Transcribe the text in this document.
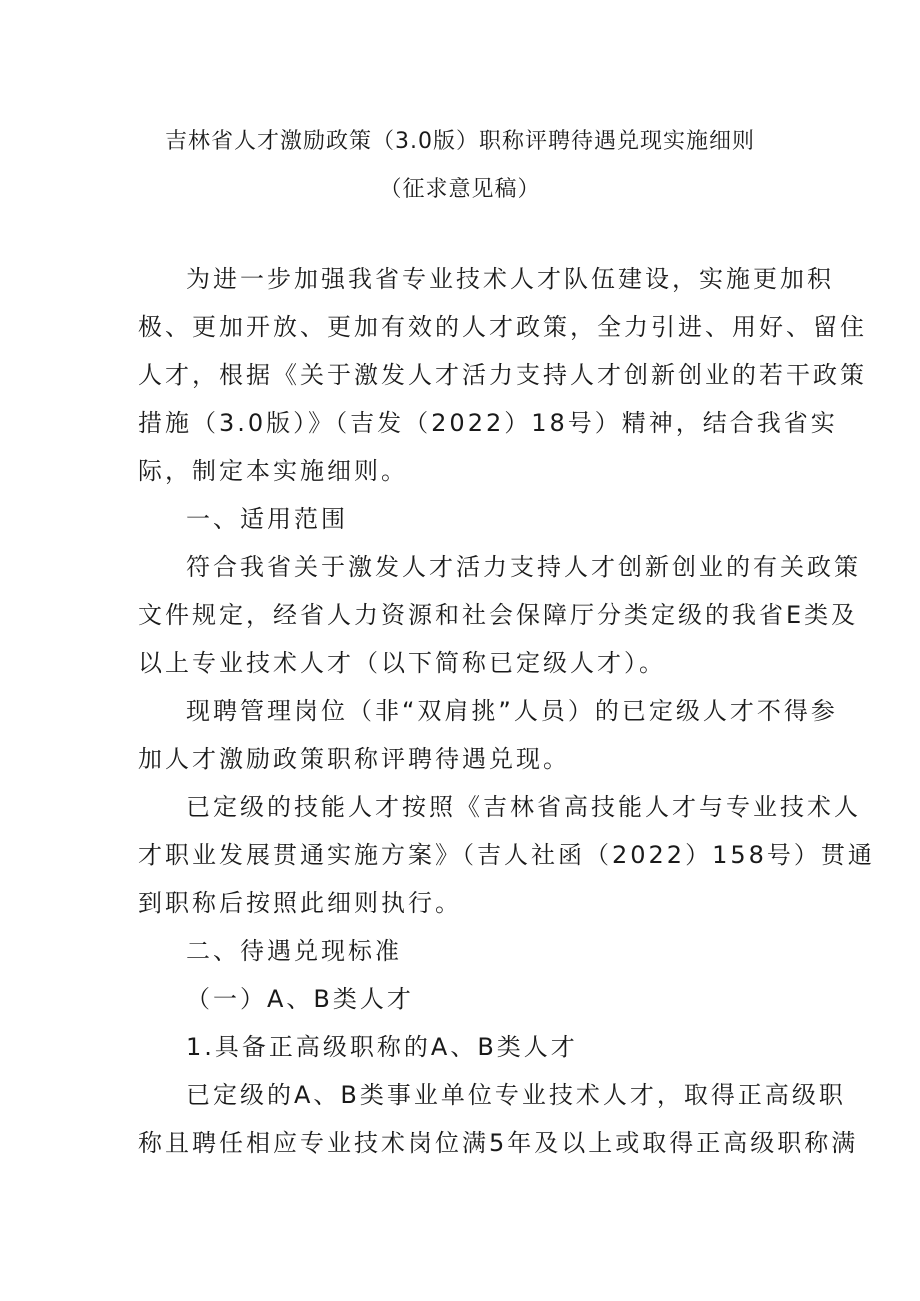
吉林省人才激励政策（3.0版）职称评聘待遇兑现实施细则
（征求意见稿）
为进一步加强我省专业技术人才队伍建设，实施更加积
极、更加开放、更加有效的人才政策，全力引进、用好、留住
人才，根据《关于激发人才活力支持人才创新创业的若干政策
措施（3.0版）》（吉发（2022）18号）精神，结合我省实
际，制定本实施细则。
一、适用范围
符合我省关于激发人才活力支持人才创新创业的有关政策
文件规定，经省人力资源和社会保障厅分类定级的我省E类及
以上专业技术人才（以下简称已定级人才）。
现聘管理岗位（非“双肩挑”人员）的已定级人才不得参
加人才激励政策职称评聘待遇兑现。
已定级的技能人才按照《吉林省高技能人才与专业技术人
才职业发展贯通实施方案》（吉人社函（2022）158号）贯通
到职称后按照此细则执行。
二、待遇兑现标准
（一）A、B类人才
1.具备正高级职称的A、B类人才
已定级的A、B类事业单位专业技术人才，取得正高级职
称且聘任相应专业技术岗位满5年及以上或取得正高级职称满
